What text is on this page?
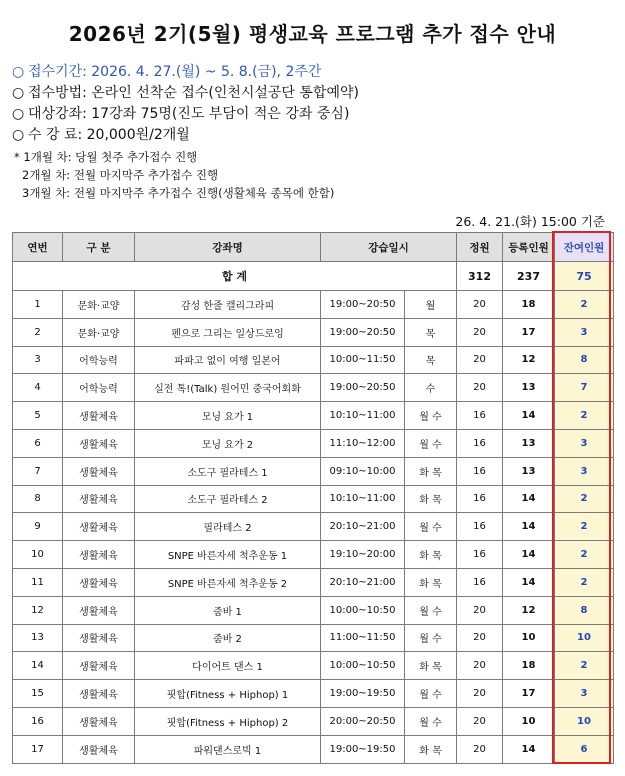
2026년 2기(5월) 평생교육 프로그램 추가 접수 안내
○ 접수기간: 2026. 4. 27.(월) ~ 5. 8.(금), 2주간
○ 접수방법: 온라인 선착순 접수(인천시설공단 통합예약)
○ 대상강좌: 17강좌 75명(진도 부담이 적은 강좌 중심)
○ 수 강 료: 20,000원/2개월
* 1개월 차: 당월 첫주 추가접수 진행
2개월 차: 전월 마지막주 추가접수 진행
3개월 차: 전월 마지막주 추가접수 진행(생활체육 종목에 한함)
26. 4. 21.(화) 15:00 기준
연번	구 분	강좌명	강습일시		정원	등록인원	잔여인원
합 계					312	237	75
1	문화·교양	감성 한줄 캘리그라피	19:00~20:50	월	20	18	2
2	문화·교양	펜으로 그리는 일상드로잉	19:00~20:50	목	20	17	3
3	어학능력	파파고 없이 여행 일본어	10:00~11:50	목	20	12	8
4	어학능력	실전 톡!(Talk) 원어민 중국어회화	19:00~20:50	수	20	13	7
5	생활체육	모닝 요가 1	10:10~11:00	월 수	16	14	2
6	생활체육	모닝 요가 2	11:10~12:00	월 수	16	13	3
7	생활체육	소도구 필라테스 1	09:10~10:00	화 목	16	13	3
8	생활체육	소도구 필라테스 2	10:10~11:00	화 목	16	14	2
9	생활체육	필라테스 2	20:10~21:00	월 수	16	14	2
10	생활체육	SNPE 바른자세 척추운동 1	19:10~20:00	화 목	16	14	2
11	생활체육	SNPE 바른자세 척추운동 2	20:10~21:00	화 목	16	14	2
12	생활체육	줌바 1	10:00~10:50	월 수	20	12	8
13	생활체육	줌바 2	11:00~11:50	월 수	20	10	10
14	생활체육	다이어트 댄스 1	10:00~10:50	화 목	20	18	2
15	생활체육	핏합(Fitness + Hiphop) 1	19:00~19:50	월 수	20	17	3
16	생활체육	핏합(Fitness + Hiphop) 2	20:00~20:50	월 수	20	10	10
17	생활체육	파워댄스로빅 1	19:00~19:50	화 목	20	14	6
